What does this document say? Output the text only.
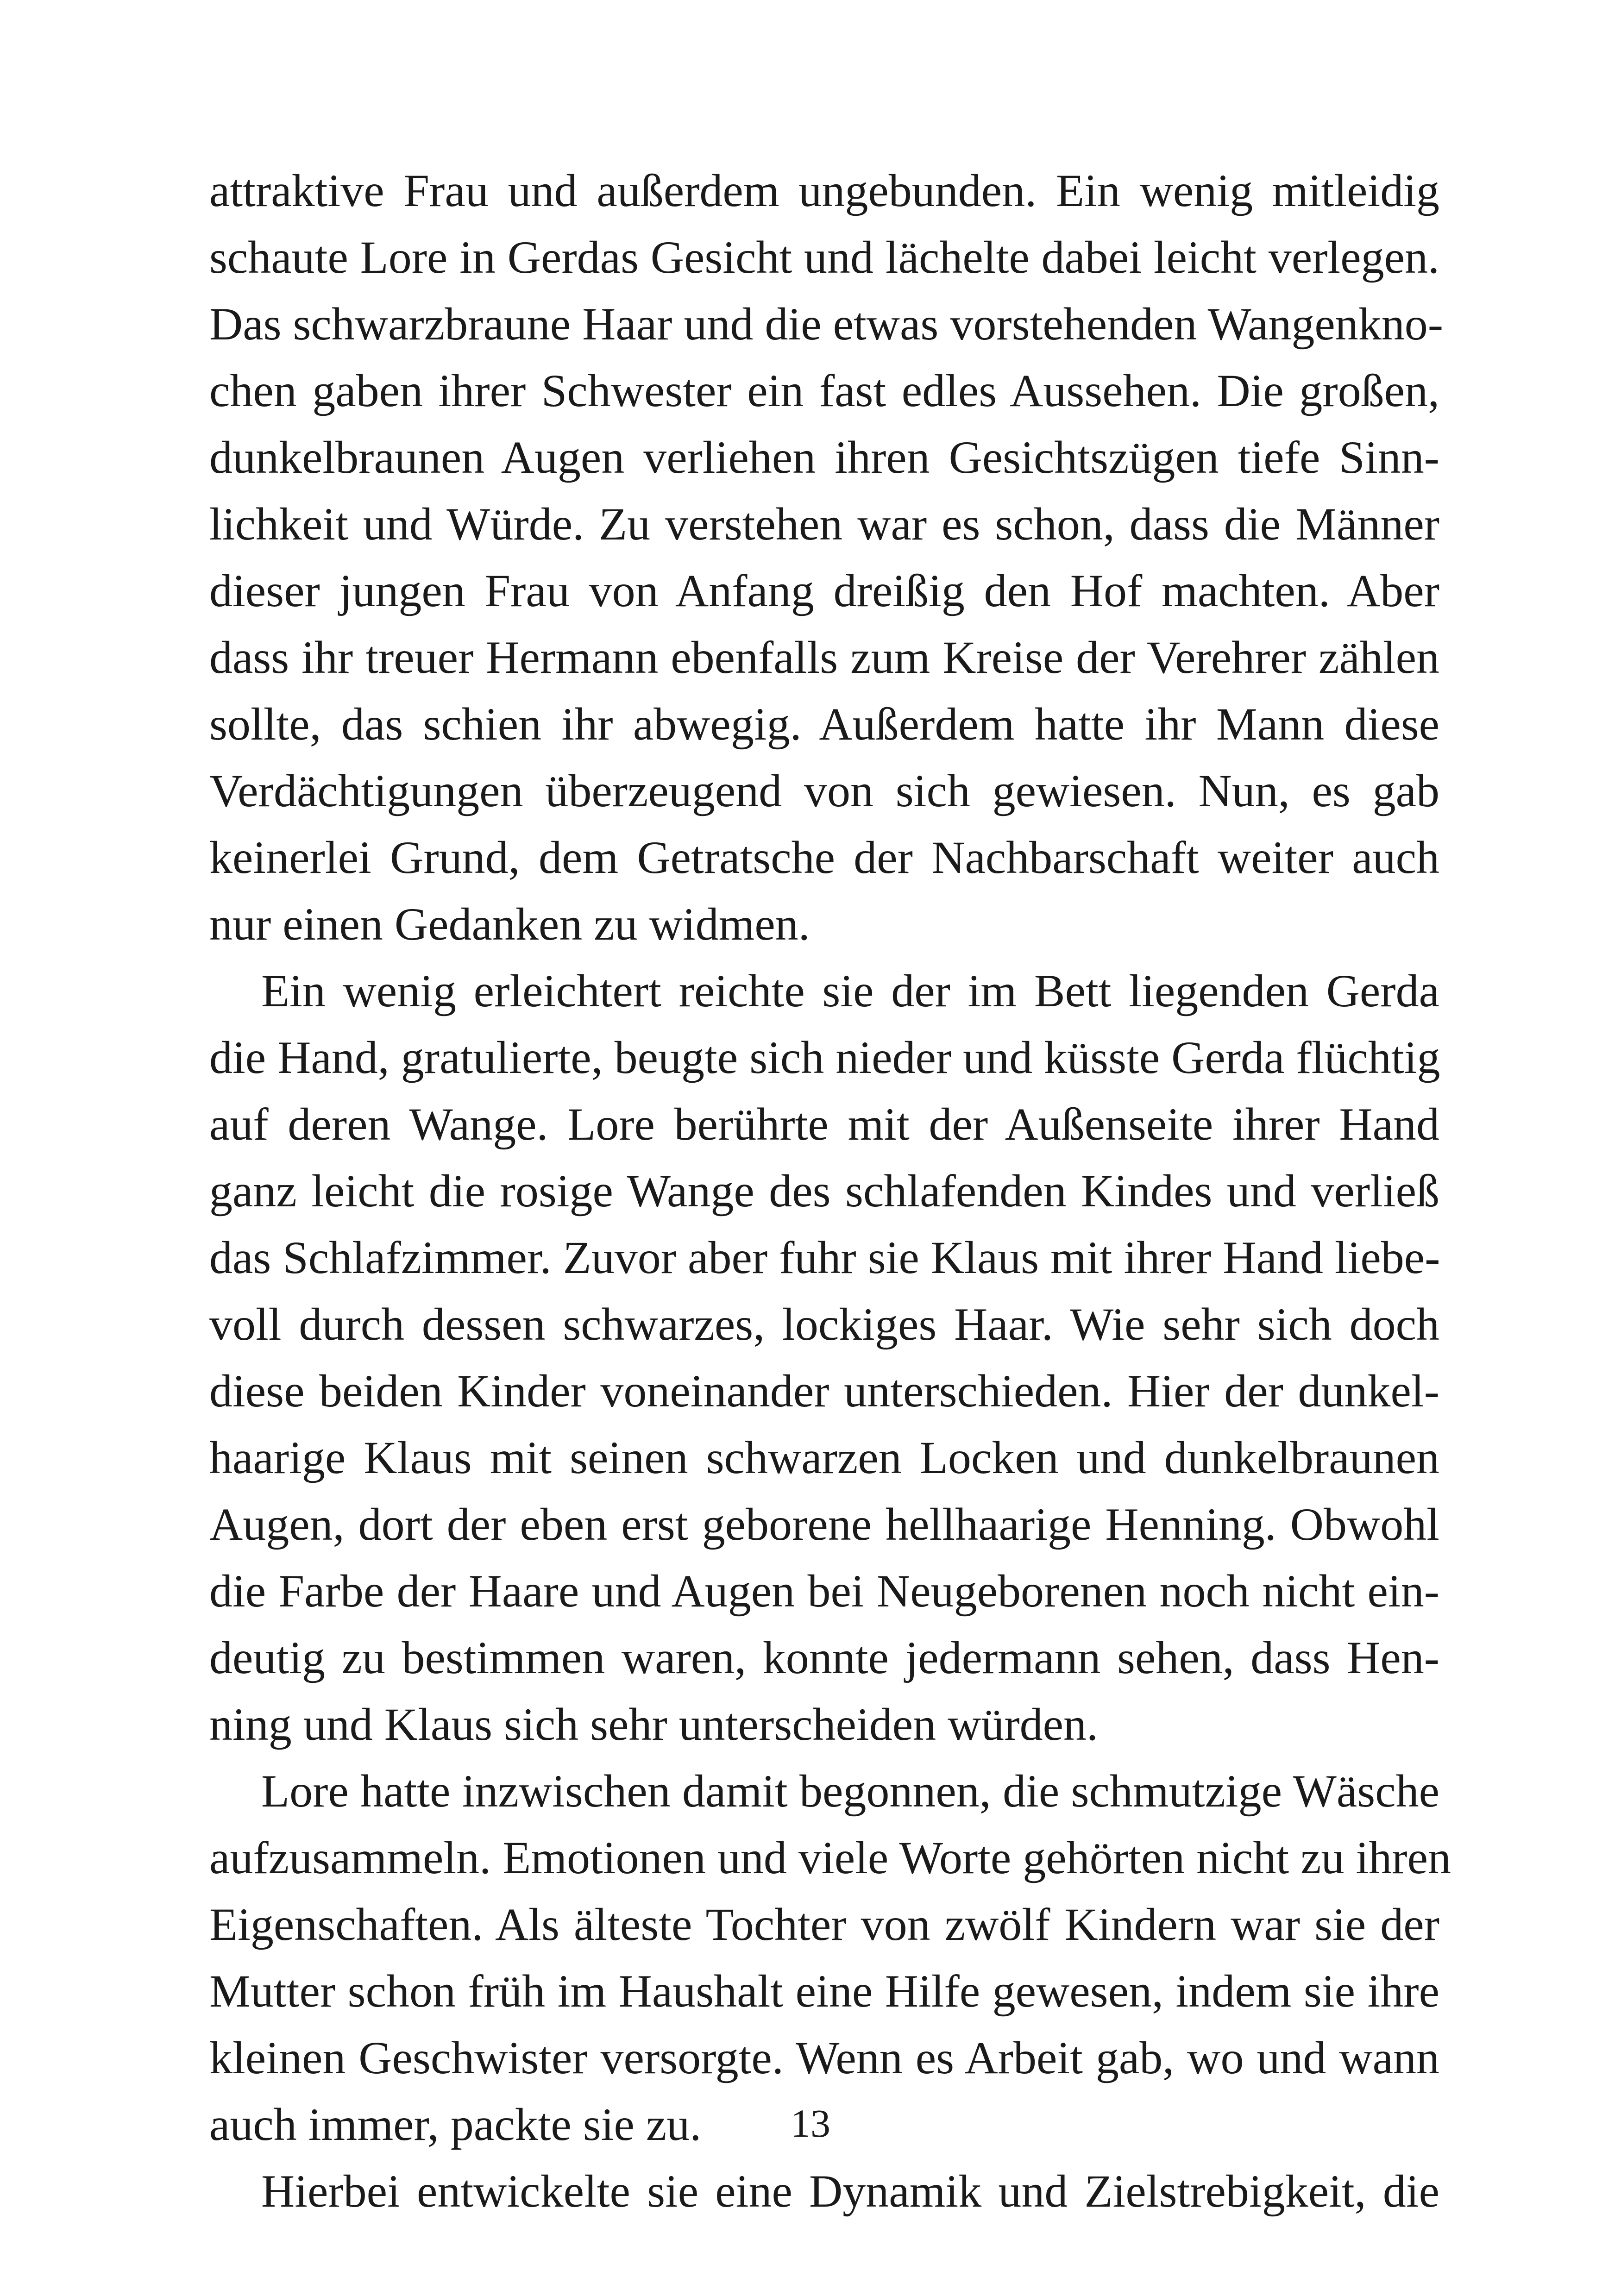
attraktive Frau und außerdem ungebunden. Ein wenig mitleidig
schaute Lore in Gerdas Gesicht und lächelte dabei leicht verlegen.
Das schwarzbraune Haar und die etwas vorstehenden Wangenkno-
chen gaben ihrer Schwester ein fast edles Aussehen. Die großen,
dunkelbraunen Augen verliehen ihren Gesichtszügen tiefe Sinn-
lichkeit und Würde. Zu verstehen war es schon, dass die Männer
dieser jungen Frau von Anfang dreißig den Hof machten. Aber
dass ihr treuer Hermann ebenfalls zum Kreise der Verehrer zählen
sollte, das schien ihr abwegig. Außerdem hatte ihr Mann diese
Verdächtigungen überzeugend von sich gewiesen. Nun, es gab
keinerlei Grund, dem Getratsche der Nachbarschaft weiter auch
nur einen Gedanken zu widmen.
Ein wenig erleichtert reichte sie der im Bett liegenden Gerda
die Hand, gratulierte, beugte sich nieder und küsste Gerda flüchtig
auf deren Wange. Lore berührte mit der Außenseite ihrer Hand
ganz leicht die rosige Wange des schlafenden Kindes und verließ
das Schlafzimmer. Zuvor aber fuhr sie Klaus mit ihrer Hand liebe-
voll durch dessen schwarzes, lockiges Haar. Wie sehr sich doch
diese beiden Kinder voneinander unterschieden. Hier der dunkel-
haarige Klaus mit seinen schwarzen Locken und dunkelbraunen
Augen, dort der eben erst geborene hellhaarige Henning. Obwohl
die Farbe der Haare und Augen bei Neugeborenen noch nicht ein-
deutig zu bestimmen waren, konnte jedermann sehen, dass Hen-
ning und Klaus sich sehr unterscheiden würden.
Lore hatte inzwischen damit begonnen, die schmutzige Wäsche
aufzusammeln. Emotionen und viele Worte gehörten nicht zu ihren
Eigenschaften. Als älteste Tochter von zwölf Kindern war sie der
Mutter schon früh im Haushalt eine Hilfe gewesen, indem sie ihre
kleinen Geschwister versorgte. Wenn es Arbeit gab, wo und wann
auch immer, packte sie zu.
Hierbei entwickelte sie eine Dynamik und Zielstrebigkeit, die
13
